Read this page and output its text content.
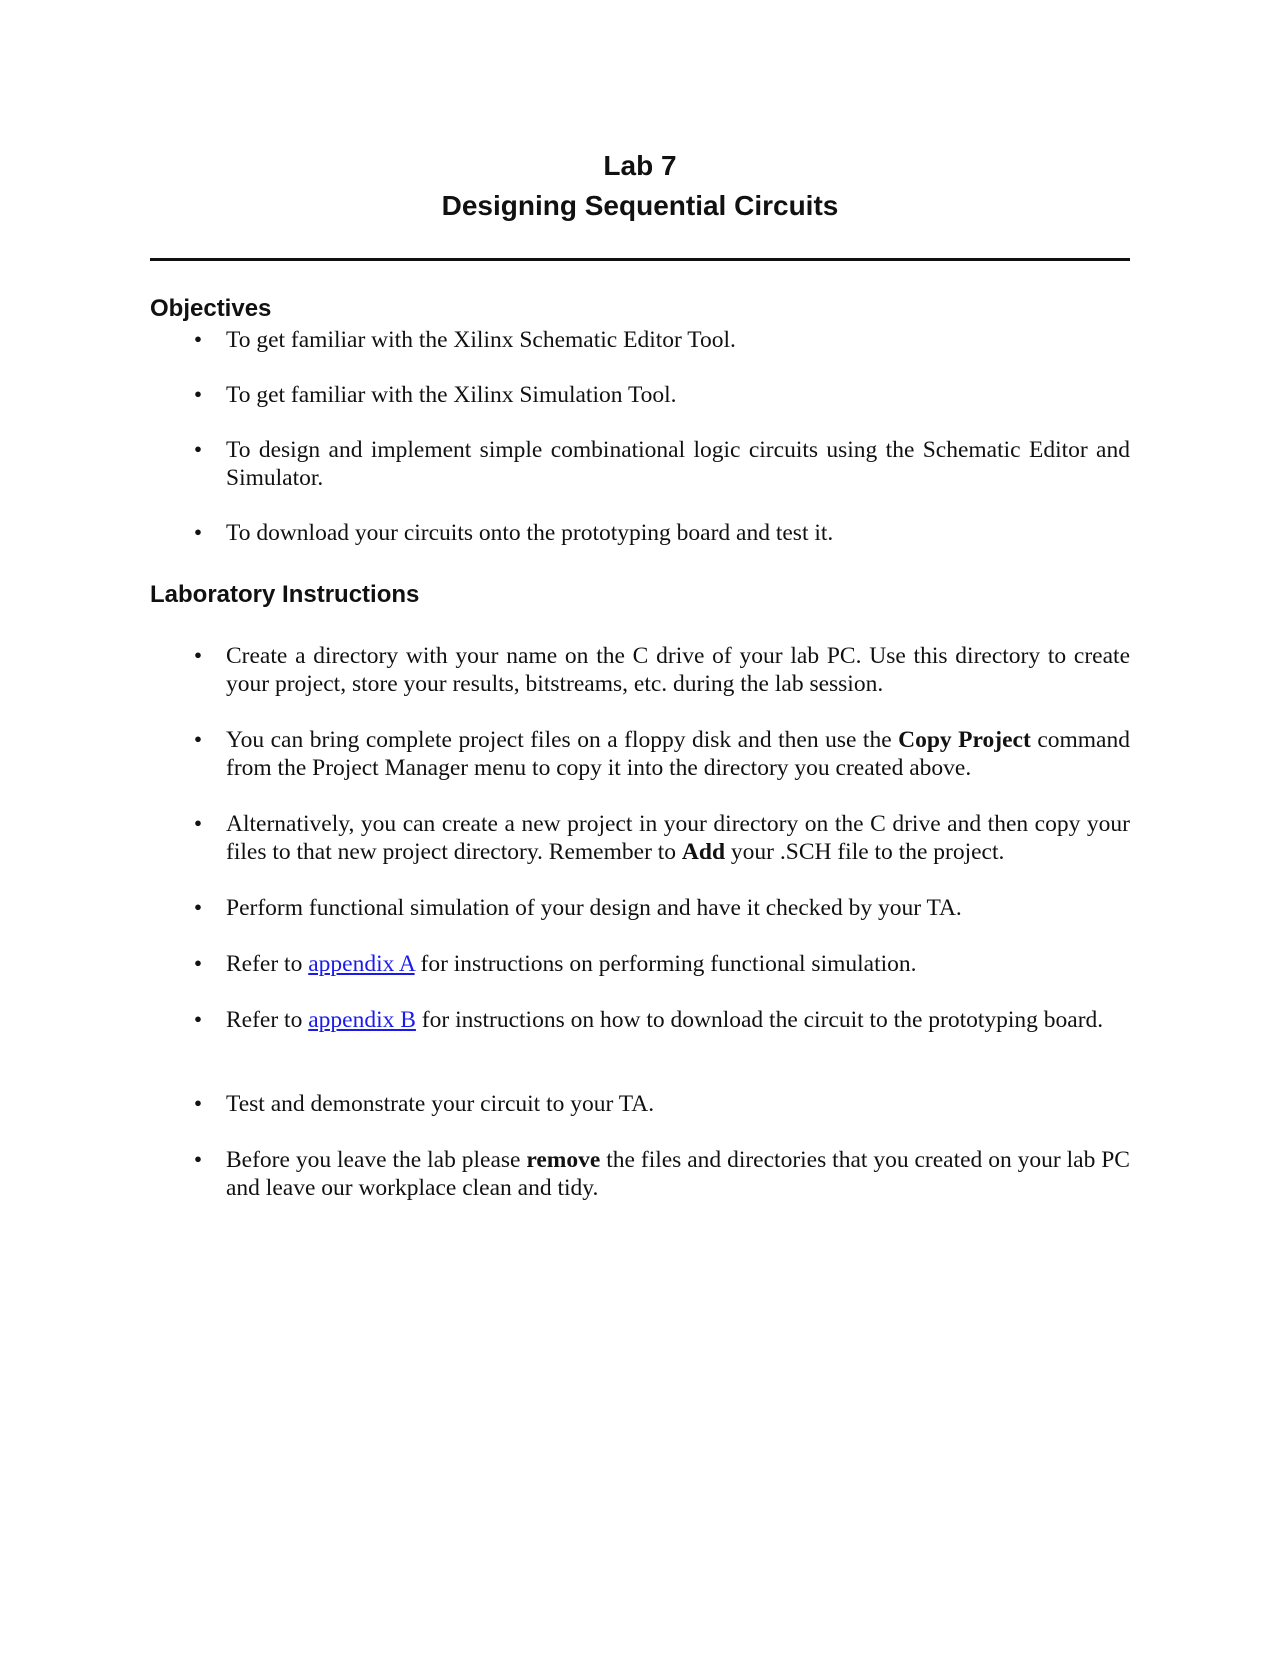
Lab 7
Designing Sequential Circuits
Objectives
•	To get familiar with the Xilinx Schematic Editor Tool.
•	To get familiar with the Xilinx Simulation Tool.
•	To design and implement simple combinational logic circuits using the Schematic Editor and Simulator.
•	To download your circuits onto the prototyping board and test it.
Laboratory Instructions
•	Create a directory with your name on the C drive of your lab PC. Use this directory to create your project, store your results, bitstreams, etc. during the lab session.
•	You can bring complete project files on a floppy disk and then use the Copy Project command from the Project Manager menu to copy it into the directory you created above.
•	Alternatively, you can create a new project in your directory on the C drive and then copy your files to that new project directory. Remember to Add your .SCH file to the project.
•	Perform functional simulation of your design and have it checked by your TA.
•	Refer to appendix A for instructions on performing functional simulation.
•	Refer to appendix B for instructions on how to download the circuit to the prototyping board.
•	Test and demonstrate your circuit to your TA.
•	Before you leave the lab please remove the files and directories that you created on your lab PC and leave our workplace clean and tidy.
